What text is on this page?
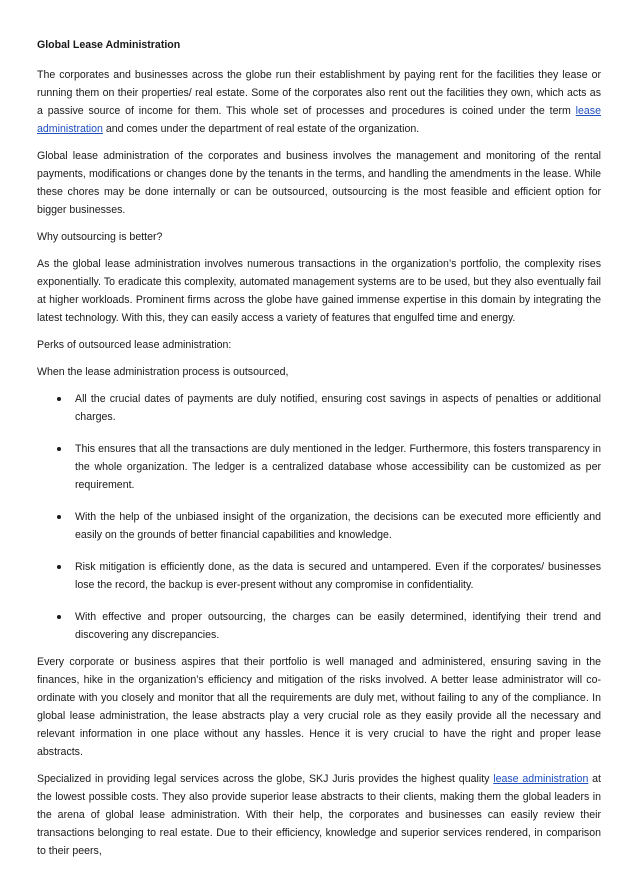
Global Lease Administration

The corporates and businesses across the globe run their establishment by paying rent for the facilities they lease or running them on their properties/ real estate. Some of the corporates also rent out the facilities they own, which acts as a passive source of income for them. This whole set of processes and procedures is coined under the term lease administration and comes under the department of real estate of the organization.

Global lease administration of the corporates and business involves the management and monitoring of the rental payments, modifications or changes done by the tenants in the terms, and handling the amendments in the lease. While these chores may be done internally or can be outsourced, outsourcing is the most feasible and efficient option for bigger businesses.

Why outsourcing is better?

As the global lease administration involves numerous transactions in the organization’s portfolio, the complexity rises exponentially. To eradicate this complexity, automated management systems are to be used, but they also eventually fail at higher workloads. Prominent firms across the globe have gained immense expertise in this domain by integrating the latest technology. With this, they can easily access a variety of features that engulfed time and energy.

Perks of outsourced lease administration:

When the lease administration process is outsourced,

All the crucial dates of payments are duly notified, ensuring cost savings in aspects of penalties or additional charges.
This ensures that all the transactions are duly mentioned in the ledger. Furthermore, this fosters transparency in the whole organization. The ledger is a centralized database whose accessibility can be customized as per requirement.
With the help of the unbiased insight of the organization, the decisions can be executed more efficiently and easily on the grounds of better financial capabilities and knowledge.
Risk mitigation is efficiently done, as the data is secured and untampered. Even if the corporates/ businesses lose the record, the backup is ever-present without any compromise in confidentiality.
With effective and proper outsourcing, the charges can be easily determined, identifying their trend and discovering any discrepancies.

Every corporate or business aspires that their portfolio is well managed and administered, ensuring saving in the finances, hike in the organization’s efficiency and mitigation of the risks involved. A better lease administrator will co-ordinate with you closely and monitor that all the requirements are duly met, without failing to any of the compliance. In global lease administration, the lease abstracts play a very crucial role as they easily provide all the necessary and relevant information in one place without any hassles. Hence it is very crucial to have the right and proper lease abstracts.

Specialized in providing legal services across the globe, SKJ Juris provides the highest quality lease administration at the lowest possible costs. They also provide superior lease abstracts to their clients, making them the global leaders in the arena of global lease administration. With their help, the corporates and businesses can easily review their transactions belonging to real estate. Due to their efficiency, knowledge and superior services rendered, in comparison to their peers,
